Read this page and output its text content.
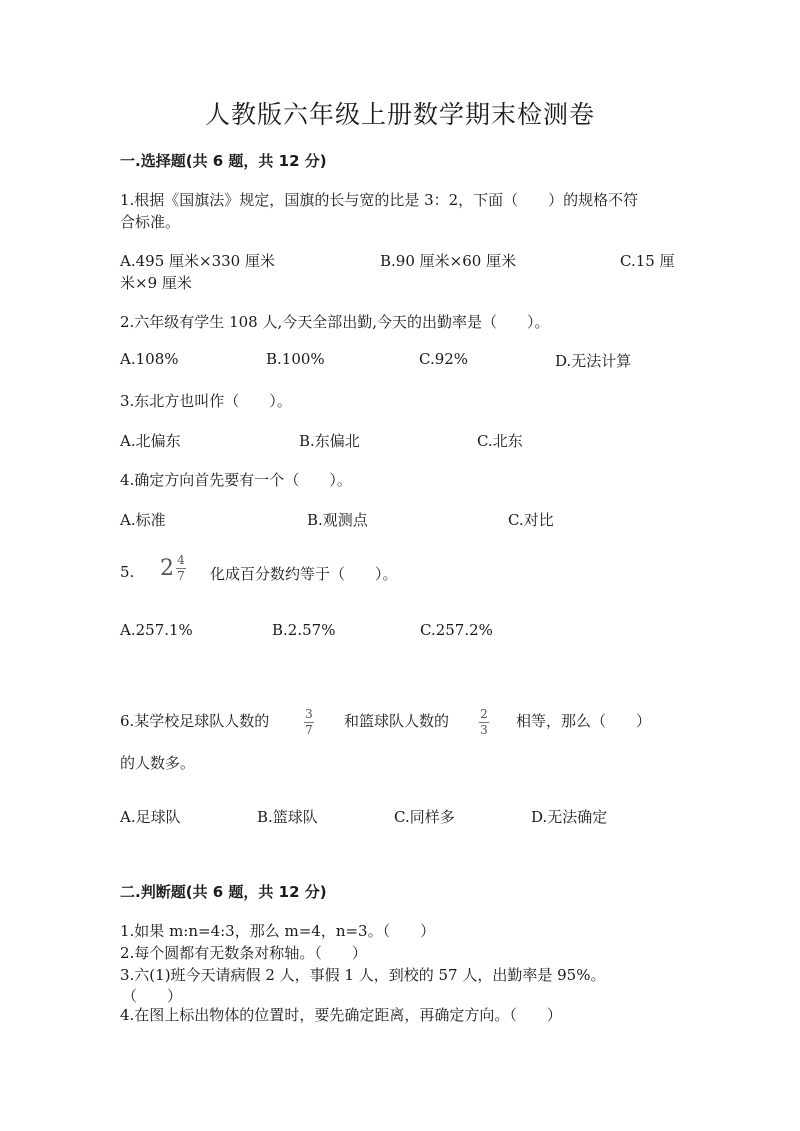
人教版六年级上册数学期末检测卷
一.选择题(共 6 题，共 12 分)
1.根据《国旗法》规定，国旗的长与宽的比是 3：2，下面（　　）的规格不符
合标准。
A.495 厘米×330 厘米	B.90 厘米×60 厘米	C.15 厘
米×9 厘米
2.六年级有学生 108 人,今天全部出勤,今天的出勤率是（　　）。
A.108%	B.100%	C.92%	D.无法计算
3.东北方也叫作（　　）。
A.北偏东	B.东偏北	C.北东
4.确定方向首先要有一个（　　）。
A.标准	B.观测点	C.对比
5. $2 \frac{4}{7}$ 化成百分数约等于（　　）。
A.257.1%	B.2.57%	C.257.2%
6.某学校足球队人数的	$\frac{3}{7}$ 和篮球队人数的 $\frac{2}{3}$ 相等，那么（　　）
的人数多。
A.足球队	B.篮球队	C.同样多	D.无法确定
二.判断题(共 6 题，共 12 分)
1.如果 m:n=4:3，那么 m=4，n=3。（　　）
2.每个圆都有无数条对称轴。（　　）
3.六(1)班今天请病假 2 人，事假 1 人，到校的 57 人，出勤率是 95%。
（　　）
4.在图上标出物体的位置时，要先确定距离，再确定方向。（　　）
